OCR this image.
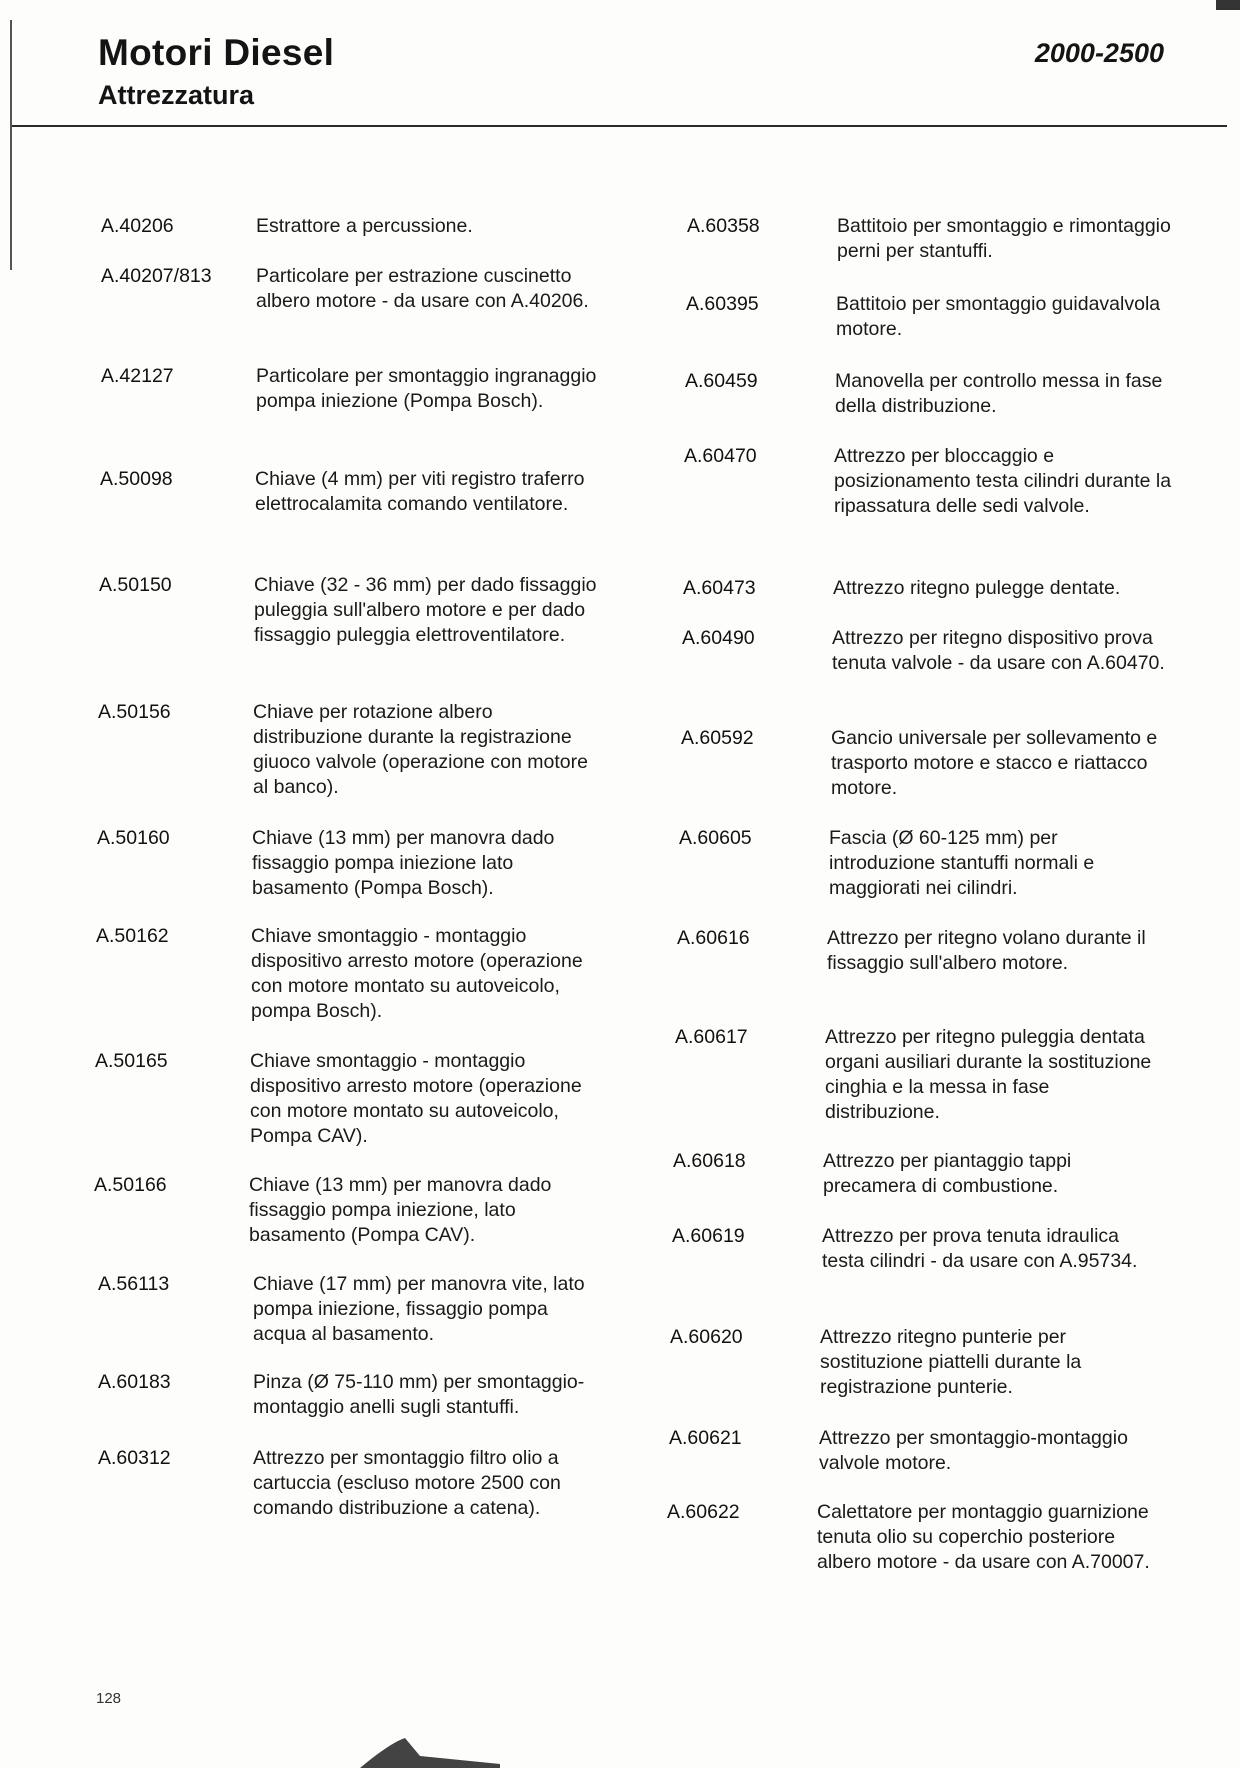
Motori Diesel
Attrezzatura
2000-2500
A.40206	Estrattore a percussione.
A.40207/813 Particolare per estrazione cuscinetto albero motore - da usare con A.40206.
A.42127	Particolare per smontaggio ingranaggio pompa iniezione (Pompa Bosch).
A.50098	Chiave (4 mm) per viti registro traferro elettrocalamita comando ventilatore.
A.50150	Chiave (32 - 36 mm) per dado fissaggio puleggia sull'albero motore e per dado fissaggio puleggia elettroventilatore.
A.50156	Chiave per rotazione albero distribuzione durante la registrazione giuoco valvole (operazione con motore al banco).
A.50160	Chiave (13 mm) per manovra dado fissaggio pompa iniezione lato basamento (Pompa Bosch).
A.50162	Chiave smontaggio - montaggio dispositivo arresto motore (operazione con motore montato su autoveicolo, pompa Bosch).
A.50165	Chiave smontaggio - montaggio dispositivo arresto motore (operazione con motore montato su autoveicolo, Pompa CAV).
A.50166	Chiave (13 mm) per manovra dado fissaggio pompa iniezione, lato basamento (Pompa CAV).
A.56113	Chiave (17 mm) per manovra vite, lato pompa iniezione, fissaggio pompa acqua al basamento.
A.60183	Pinza (Ø 75-110 mm) per smontaggio-montaggio anelli sugli stantuffi.
A.60312	Attrezzo per smontaggio filtro olio a cartuccia (escluso motore 2500 con comando distribuzione a catena).
A.60358	Battitoio per smontaggio e rimontaggio perni per stantuffi.
A.60395	Battitoio per smontaggio guidavalvola motore.
A.60459	Manovella per controllo messa in fase della distribuzione.
A.60470	Attrezzo per bloccaggio e posizionamento testa cilindri durante la ripassatura delle sedi valvole.
A.60473	Attrezzo ritegno pulegge dentate.
A.60490	Attrezzo per ritegno dispositivo prova tenuta valvole - da usare con A.60470.
A.60592	Gancio universale per sollevamento e trasporto motore e stacco e riattacco motore.
A.60605	Fascia (Ø 60-125 mm) per introduzione stantuffi normali e maggiorati nei cilindri.
A.60616	Attrezzo per ritegno volano durante il fissaggio sull'albero motore.
A.60617	Attrezzo per ritegno puleggia dentata organi ausiliari durante la sostituzione cinghia e la messa in fase distribuzione.
A.60618	Attrezzo per piantaggio tappi precamera di combustione.
A.60619	Attrezzo per prova tenuta idraulica testa cilindri - da usare con A.95734.
A.60620	Attrezzo ritegno punterie per sostituzione piattelli durante la registrazione punterie.
A.60621	Attrezzo per smontaggio-montaggio valvole motore.
A.60622	Calettatore per montaggio guarnizione tenuta olio su coperchio posteriore albero motore - da usare con A.70007.
128
